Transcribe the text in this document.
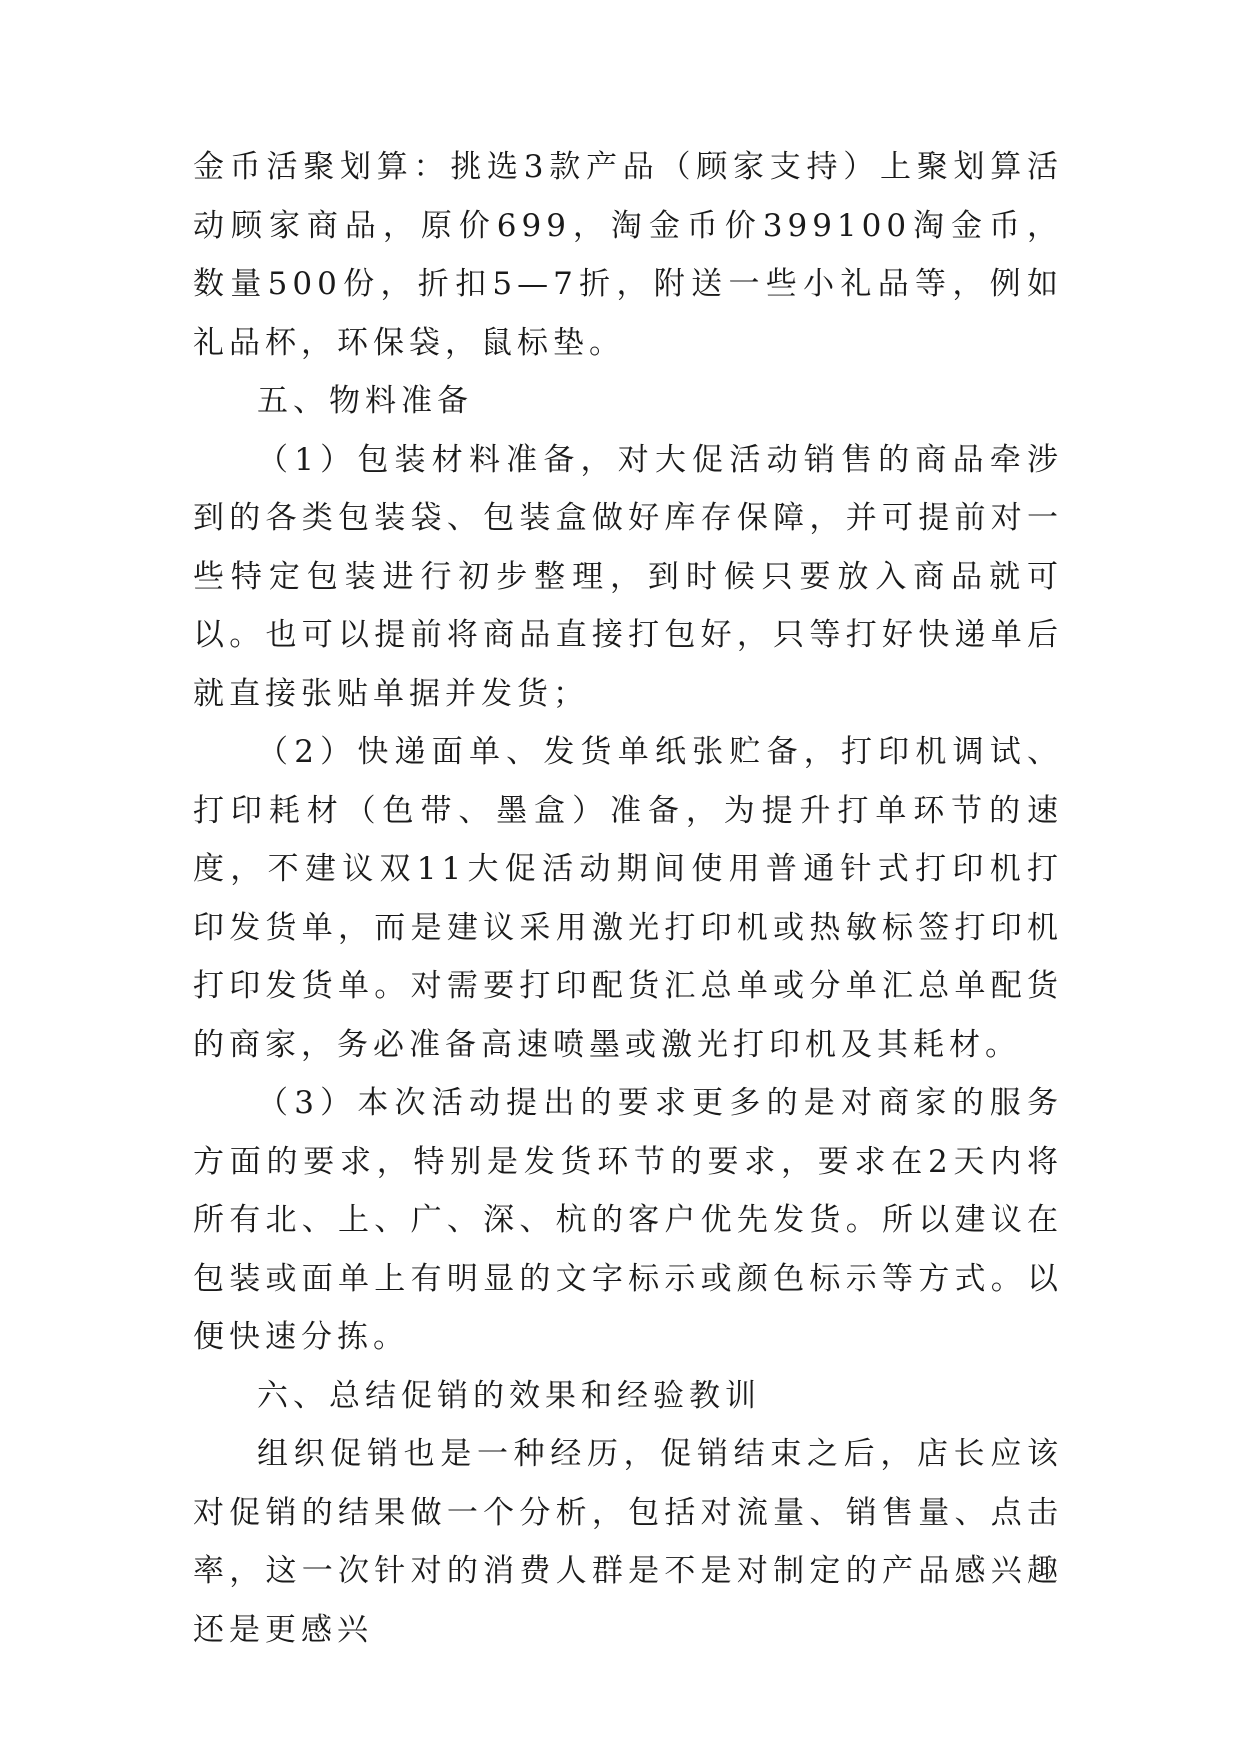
金币活聚划算：挑选3款产品（顾家支持）上聚划算活动顾家商品，原价699，淘金币价399100淘金币，数量500份，折扣5—7折，附送一些小礼品等，例如礼品杯，环保袋，鼠标垫。

五、物料准备

（1）包装材料准备，对大促活动销售的商品牵涉到的各类包装袋、包装盒做好库存保障，并可提前对一些特定包装进行初步整理，到时候只要放入商品就可以。也可以提前将商品直接打包好，只等打好快递单后就直接张贴单据并发货；

（2）快递面单、发货单纸张贮备，打印机调试、打印耗材（色带、墨盒）准备，为提升打单环节的速度，不建议双11大促活动期间使用普通针式打印机打印发货单，而是建议采用激光打印机或热敏标签打印机打印发货单。对需要打印配货汇总单或分单汇总单配货的商家，务必准备高速喷墨或激光打印机及其耗材。

（3）本次活动提出的要求更多的是对商家的服务方面的要求，特别是发货环节的要求，要求在2天内将所有北、上、广、深、杭的客户优先发货。所以建议在包装或面单上有明显的文字标示或颜色标示等方式。以便快速分拣。

六、总结促销的效果和经验教训

组织促销也是一种经历，促销结束之后，店长应该对促销的结果做一个分析，包括对流量、销售量、点击率，这一次针对的消费人群是不是对制定的产品感兴趣还是更感兴
